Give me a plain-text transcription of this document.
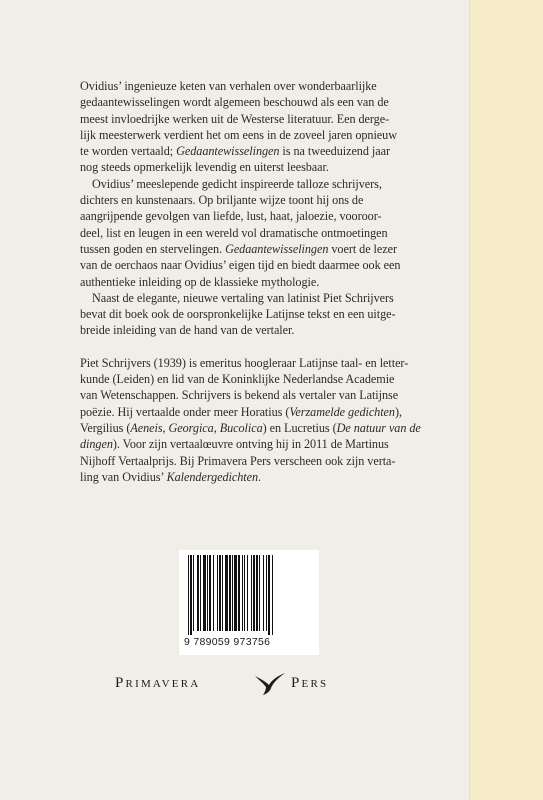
Ovidius’ ingenieuze keten van verhalen over wonderbaarlijke
gedaantewisselingen wordt algemeen beschouwd als een van de
meest invloedrijke werken uit de Westerse literatuur. Een derge-
lijk meesterwerk verdient het om eens in de zoveel jaren opnieuw
te worden vertaald; Gedaantewisselingen is na tweeduizend jaar
nog steeds opmerkelijk levendig en uiterst leesbaar.

Ovidius’ meeslepende gedicht inspireerde talloze schrijvers,
dichters en kunstenaars. Op briljante wijze toont hij ons de
aangrijpende gevolgen van liefde, lust, haat, jaloezie, vooroor-
deel, list en leugen in een wereld vol dramatische ontmoetingen
tussen goden en stervelingen. Gedaantewisselingen voert de lezer
van de oerchaos naar Ovidius’ eigen tijd en biedt daarmee ook een
authentieke inleiding op de klassieke mythologie.

Naast de elegante, nieuwe vertaling van latinist Piet Schrijvers
bevat dit boek ook de oorspronkelijke Latijnse tekst en een uitge-
breide inleiding van de hand van de vertaler.

Piet Schrijvers (1939) is emeritus hoogleraar Latijnse taal- en letter-
kunde (Leiden) en lid van de Koninklijke Nederlandse Academie
van Wetenschappen. Schrijvers is bekend als vertaler van Latijnse
poëzie. Hij vertaalde onder meer Horatius (Verzamelde gedichten),
Vergilius (Aeneis, Georgica, Bucolica) en Lucretius (De natuur van de
dingen). Voor zijn vertaalœuvre ontving hij in 2011 de Martinus
Nijhoff Vertaalprijs. Bij Primavera Pers verscheen ook zijn verta-
ling van Ovidius’ Kalendergedichten.

9 789059 973756
Primavera	Pers
